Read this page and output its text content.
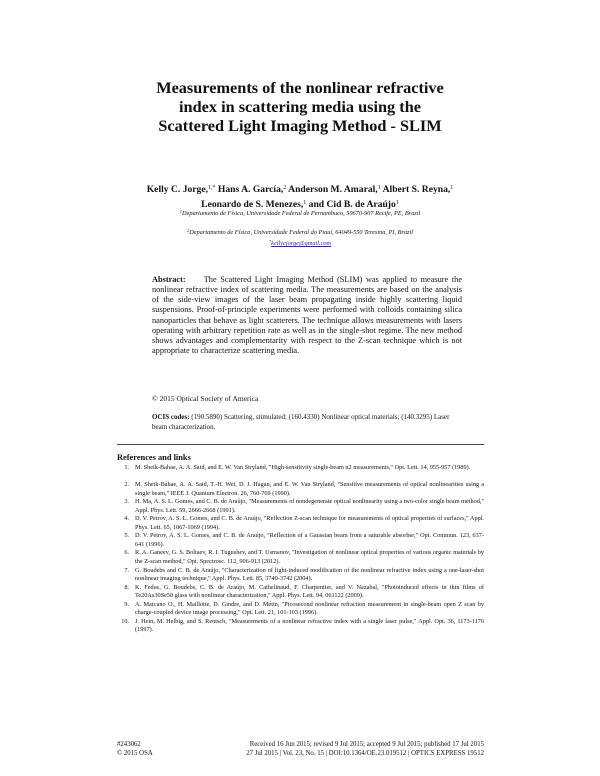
Measurements of the nonlinear refractive index in scattering media using the Scattered Light Imaging Method - SLIM
Kelly C. Jorge,$^{1,*}$ Hans A. García,$^2$ Anderson M. Amaral,$^1$ Albert S. Reyna,$^1$ Leonardo de S. Menezes,$^1$ and Cid B. de Araújo$^1$
$^1$Departamento de Física, Universidade Federal de Pernambuco, 50670-907 Recife, PE, Brazil
$^2$Departamento de Física, Universidade Federal do Piauí, 64049-550 Teresina, PI, Brazil
*kellycjorge@gmail.com
Abstract: The Scattered Light Imaging Method (SLIM) was applied to measure the nonlinear refractive index of scattering media. The measurements are based on the analysis of the side-view images of the laser beam propagating inside highly scattering liquid suspensions. Proof-of-principle experiments were performed with colloids containing silica nanoparticles that behave as light scatterers. The technique allows measurements with lasers operating with arbitrary repetition rate as well as in the single-shot regime. The new method shows advantages and complementarity with respect to the Z-scan technique which is not appropriate to characterize scattering media.
© 2015 Optical Society of America
OCIS codes: (190.5890) Scattering, stimulated; (160.4330) Nonlinear optical materials; (140.3295) Laser beam characterization.
References and links
1. M. Sheik-Bahae, A. A. Said, and E. W. Van Stryland, "High-sensitivity single-beam n2 measurements," Opt. Lett. 14, 955-957 (1989).
2. M. Sheik-Bahae, A. A. Said, T.-H. Wei, D. J. Hagan, and E. W. Van Stryland, "Sensitive measurements of optical nonlinearities using a single beam," IEEE J. Quantum Electron. 26, 760-769 (1990).
3. H. Ma, A. S. L. Gomes, and C. B. de Araújo, "Measurements of nondegenerate optical nonlinearity using a two-color single beam method," Appl. Phys. Lett. 59, 2666-2668 (1991).
4. D. V. Petrov, A. S. L. Gomes, and C. B. de Araújo, "Reflection Z-scan technique for measurements of optical properties of surfaces," Appl. Phys. Lett. 65, 1067-1069 (1994).
5. D. V. Petrov, A. S. L. Gomes, and C. B. de Araújo, "Reflection of a Gaussian beam from a saturable absorber," Opt. Commun. 123, 637-641 (1996).
6. R. A. Ganeev, G. S. Boltaev, R. I. Tugushev, and T. Usmanov, "Investigation of nonlinear optical properties of various organic materials by the Z-scan method," Opt. Spectrosc. 112, 906-913 (2012).
7. G. Boudebs and C. B. de Araújo, "Characterization of light-induced modification of the nonlinear refractive index using a one-laser-shot nonlinear imaging technique," Appl. Phys. Lett. 85, 3740-3742 (2004).
8. K. Fedus, G. Boudebs, C. B. de Araújo, M. Cathelinaud, F. Charpentier, and V. Nazabal, "Photoinduced effects in thin films of Te20As30Se50 glass with nonlinear characterization," Appl. Phys. Lett. 94, 061122 (2009).
9. A. Marcano O., H. Maillotte, D. Gindre, and D. Métin, "Picosecond nonlinear refraction measurement in single-beam open Z scan by charge-coupled device image processing," Opt. Lett. 21, 101-103 (1996).
10. J. Hein, M. Helbig, and S. Rentsch, "Measurements of a nonlinear refractive index with a single laser pulse," Appl. Opt. 36, 1173-1176 (1997).
#243062
© 2015 OSA
Received 16 Jun 2015; revised 9 Jul 2015; accepted 9 Jul 2015; published 17 Jul 2015
27 Jul 2015 | Vol. 23, No. 15 | DOI:10.1364/OE.23.019512 | OPTICS EXPRESS 19512
